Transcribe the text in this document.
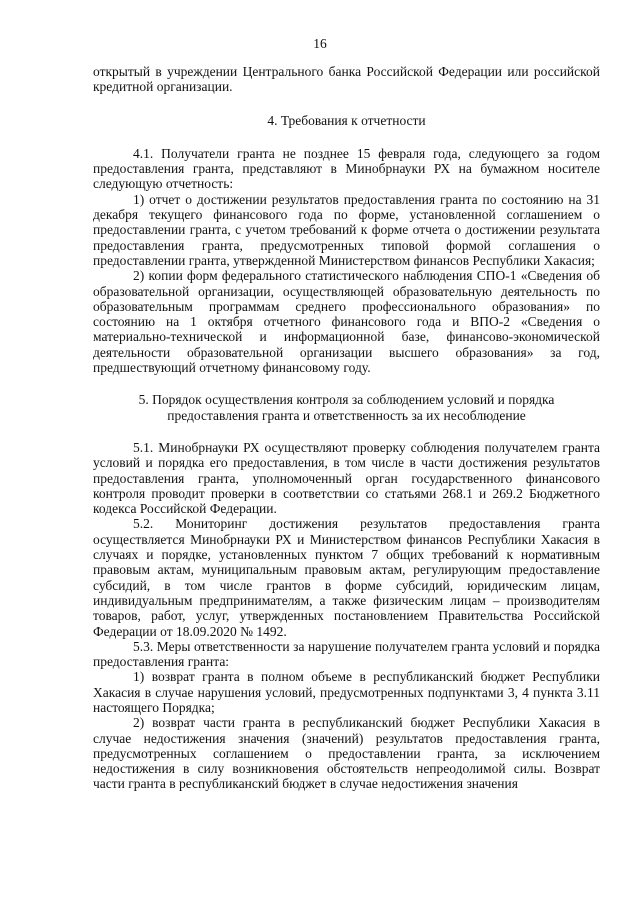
16

открытый в учреждении Центрального банка Российской Федерации или российской кредитной организации.

4. Требования к отчетности

4.1. Получатели гранта не позднее 15 февраля года, следующего за годом предоставления гранта, представляют в Минобрнауки РХ на бумажном носителе следующую отчетность:

1) отчет о достижении результатов предоставления гранта по состоянию на 31 декабря текущего финансового года по форме, установленной соглашением о предоставлении гранта, с учетом требований к форме отчета о достижении результата предоставления гранта, предусмотренных типовой формой соглашения о предоставлении гранта, утвержденной Министерством финансов Республики Хакасия;

2) копии форм федерального статистического наблюдения СПО-1 «Сведения об образовательной организации, осуществляющей образовательную деятельность по образовательным программам среднего профессионального образования» по состоянию на 1 октября отчетного финансового года и ВПО-2 «Сведения о материально-технической и информационной базе, финансово-экономической деятельности образовательной организации высшего образования» за год, предшествующий отчетному финансовому году.

5. Порядок осуществления контроля за соблюдением условий и порядка
предоставления гранта и ответственность за их несоблюдение

5.1. Минобрнауки РХ осуществляют проверку соблюдения получателем гранта условий и порядка его предоставления, в том числе в части достижения результатов предоставления гранта, уполномоченный орган государственного финансового контроля проводит проверки в соответствии со статьями 268.1 и 269.2 Бюджетного кодекса Российской Федерации.

5.2. Мониторинг достижения результатов предоставления гранта осуществляется Минобрнауки РХ и Министерством финансов Республики Хакасия в случаях и порядке, установленных пунктом 7 общих требований к нормативным правовым актам, муниципальным правовым актам, регулирующим предоставление субсидий, в том числе грантов в форме субсидий, юридическим лицам, индивидуальным предпринимателям, а также физическим лицам – производителям товаров, работ, услуг, утвержденных постановлением Правительства Российской Федерации от 18.09.2020 № 1492.

5.3. Меры ответственности за нарушение получателем гранта условий и порядка предоставления гранта:

1) возврат гранта в полном объеме в республиканский бюджет Республики Хакасия в случае нарушения условий, предусмотренных подпунктами 3, 4 пункта 3.11 настоящего Порядка;

2) возврат части гранта в республиканский бюджет Республики Хакасия в случае недостижения значения (значений) результатов предоставления гранта, предусмотренных соглашением о предоставлении гранта, за исключением недостижения в силу возникновения обстоятельств непреодолимой силы. Возврат части гранта в республиканский бюджет в случае недостижения значения
